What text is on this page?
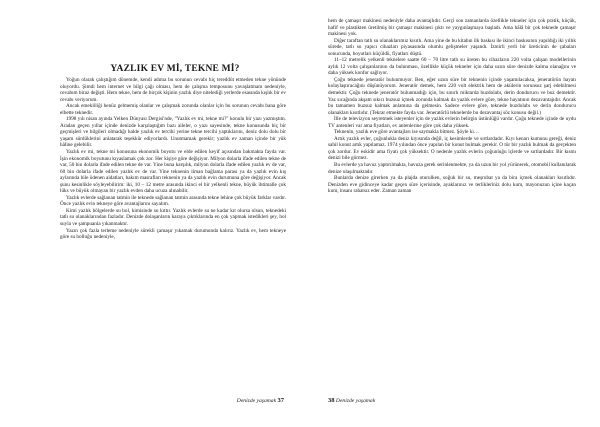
YAZLIK EV Mİ, TEKNE Mİ?

Yoğun olarak çalıştığım dönemde, kendi adıma bu sorunun cevabı hiç tereddüt etmeden tekne yönünde oluyordu. Şimdi hem internet ve bilgi çağı olması, hem de çalışma temposunu yavaşlatmam nedeniyle, cevabım biraz değişti. Hem tekne, hem de birçok kişinin yazlık diye nitelediği yerlerde esasında kışlık bir ev cevabı veriyorum.

Ancak emekliliği henüz gelmemiş olanlar ve çalışmak zorunda olanlar için bu sorunun cevabı bana göre elbette teknedir.

1998 yılı nisan ayında Yelken Dünyası Dergisi'nde, "Yazlık ev mi, tekne mi?" konulu bir yazı yazmıştım. Aradan geçen yıllar içinde denizde karşılaştığım bazı aileler, o yazı sayesinde, tekne konusunda hiç bir geçmişleri ve bilgileri olmadığı halde yazlık ev tercihi yerine tekne tercihi yaptıklarını, deniz dolu dolu bir yaşam sürdüklerini anlatarak teşekkür ediyorlardı. Unutmamak gerekir; yazlık ev zaman içinde bir yük hâline gelebilir.

Yazlık ev mi, tekne mi konusuna ekonomik boyutu ve elde edilen keyif açısından bakmakta fayda var. İşin ekonomik boyutunu kıyaslamak çok zor. Her kişiye göre değişiyor. Milyon dolarla ifade edilen tekne de var, 50 bin dolarla ifade edilen tekne de var. Yine buna karşılık, milyon dolarla ifade edilen yazlık ev de var, 60 bin dolarla ifade edilen yazlık ev de var. Yine teknenin liman bağlama parası ya da yazlık evin kış aylarında bile ödenen aidatları, bakım masrafları teknenin ya da yazlık evin durumuna göre değişiyor. Ancak şunu kesinlikle söyleyebilirim: iki, 10 – 12 metre arasında ikinci el bir yelkenli tekne, büyük ihtimalle çok lüks ve büyük olmayan bir yazlık evden daha ucuza alınabilir.

Yazlık evlerde sağlanan tatmin ile teknede sağlanan tatmin arasında tekne lehine çok büyük farklar vardır. Önce yazlık evin tekneye göre avantajlarını sayalım.

Kimi yazlık bölgelerde su bol, kimisinde su kıttır. Yazlık evlerde su ne kadar kıt olursa olsun, teknedeki tatlı su olanaklarından fazladır. Denizde dolaşanların karaya çıktıklarında en çok yapmak istedikleri şey, bol suyla ve şampuanla yıkanmaktır.

Yazın çok fazla terleme nedeniyle sürekli çamaşır yıkamak durumunda kalırız. Yazlık ev, hem tekneye göre su bolluğu nedeniyle,

Denizde yaşamak 37

hem de çamaşır makinesi nedeniyle daha avantajlıdır. Gerçi son zamanlarda özellikle tekneler için çok pratik, küçük, hafif ve plastikten üretilmiş bir çamaşır makinesi çıktı ve yaygınlaşmaya başladı. Ama hâlâ bir çok teknede çamaşır makinesi yok.

Diğer taraftan tatlı su olanaklarımız kısıtlı. Ama yine de bu kitabın ilk baskısı ile ikinci baskısının yapıldığı iki yıllık sürede, tatlı su yapıcı cihazları piyasasında olumlu gelişmeler yaşandı. İzmirli yerli bir üreticinin de çabaları sonucunda, boyutları küçüldü, fiyatları düştü.

11–12 metrelik yelkenli teknelere saatte 60 – 70 litre tatlı su üreten bu cihazların 220 volta çalışan modellerinin aylık 12 volta çalışanlarının da bulunması, özellikle küçük tekneler için daha uzun süre denizde kalma olanağını ve daha yüksek konfor sağlıyor.

Çoğu teknede jeneratör bulunmuyor. Ben, eğer uzun süre bir teknenin içinde yaşamılacaksa, jeneratörün hayatı kolaylaştıracağını düşünüyorum. Jeneratör demek, hem 220 volt elektrik hem de akülerin sorunsuz şarj edebilmesi demektir. Çoğu teknede jeneratör bulunmadığı için, bu sınırlı miktarda buzdolabı, derin dondurucu ve buz demektir. Yaz sıcağında akşam sıkıcı buzsuz içmek zorunda kalmak da yazlık evlere göre, tekne hayatının dezavantajıdır. Ancak bu tamamen buzsuz kalmak anlamına da gelmesin. Sadece evlere göre, teknede buzdolabı ve derin dondurucu olanakları kısıtlıdır. (Tekrar etmekte fayda var. Jeneratörlü teknelerde bu dezavantaj söz konusu değil.)

İlle de televizyon seyretmek isteyenler için de yazlık evlerin belirgin üstünlüğü vardır. Çoğu teknede içinde de uydu TV antenleri var ama fiyatları, ev antenlerine göre çok daha yüksek.

Teknenin, yazlık eve göre avantajları ise saymakla bitmez. Şöyle ki…

Artık yazlık evler, çoğunlukla deniz kıyısında değil, iç kesimlerde ve sırtlardadır. Kıyı kenarı kumunu gereği, deniz sahil konut artık yapılamaz. 1974 yılından önce yapılan bir konut bulmak gerekir. O tür bir yazlık bulmak da gerçekten çok zordur. Ev eskidir ama fiyatı çok yüksektir. O nedenle yazlık evlerin çoğunluğu içlerde ve sırtlardadır. Bir kısmı denizi bile görmez.

Bu evlerde ya havuz yaptırılmakta, havuza gerek serinlenmekte, ya da uzun bir yol yürünerek, otomobil kullanılarak denize ulaşılmaktadır.

Bunlarda denize girerken ya da plajda oturulken, soğuk bir su, meşrubat ya da bira içmek olanakları kısıtlıdır. Denizden eve gidinceye kadar geçen süre içerisinde, ayaklarınız ve terlikleriniz dolu kum, mayonuzun içine kaçan kum, insanı rahatsız eder. Zaman zaman

38 Denizde yaşamak
